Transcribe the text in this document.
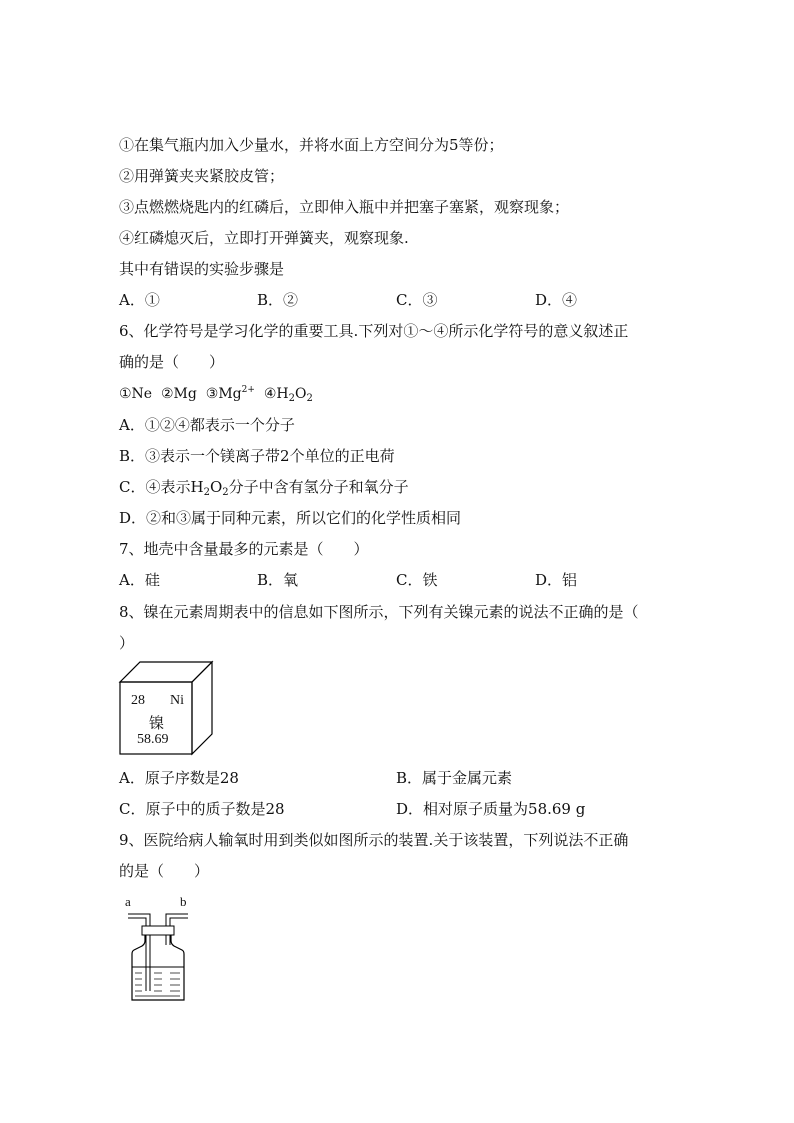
①在集气瓶内加入少量水，并将水面上方空间分为5等份；
②用弹簧夹夹紧胶皮管；
③点燃燃烧匙内的红磷后，立即伸入瓶中并把塞子塞紧，观察现象；
④红磷熄灭后，立即打开弹簧夹，观察现象.
其中有错误的实验步骤是
A．①	B．②	C．③	D．④
6、化学符号是学习化学的重要工具.下列对①～④所示化学符号的意义叙述正
确的是（　　）
①Ne ②Mg $③Mg^{2+}$ $④H_2O_2$
A．①②④都表示一个分子
B．③表示一个镁离子带2个单位的正电荷
C．④表示$H_2O_2$分子中含有氢分子和氧分子
D．②和③属于同种元素，所以它们的化学性质相同
7、地壳中含量最多的元素是（　　）
A．硅	B．氧	C．铁	D．铝
8、镍在元素周期表中的信息如下图所示，下列有关镍元素的说法不正确的是（
）
28 Ni
镍
58.69
A．原子序数是28	B．属于金属元素
C．原子中的质子数是28	D．相对原子质量为58.69 g
9、医院给病人输氧时用到类似如图所示的装置.关于该装置，下列说法不正确
的是（　　）
a	b
